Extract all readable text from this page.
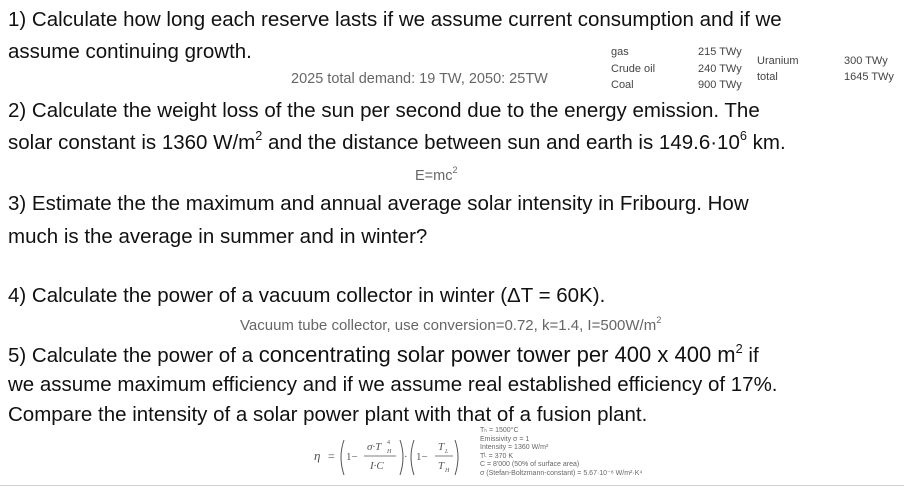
1) Calculate how long each reserve lasts if we assume current consumption and if we
assume continuing growth.
2025 total demand: 19 TW, 2050: 25TW
gas
Crude oil
Coal
215 TWy
240 TWy
900 TWy
Uranium
total
300 TWy
1645 TWy
2) Calculate the weight loss of the sun per second due to the energy emission. The
solar constant is 1360 $W/m^2$ and the distance between sun and earth is $149.6\cdot 10^6$ km.
$E=mc^2$
3) Estimate the the maximum and annual average solar intensity in Fribourg. How
much is the average in summer and in winter?
4) Calculate the power of a vacuum collector in winter (ΔT = 60K).
Vacuum tube collector, use conversion=0.72, k=1.4, $I=500W/m^2$
5) Calculate the power of a concentrating solar power tower per 400 x 400 $m^2$ if
we assume maximum efficiency and if we assume real established efficiency of 17%.
Compare the intensity of a solar power plant with that of a fusion plant.
η = 1−
σ·T H
4
I·C
· 1−
T L
T H
Tₕ = 1500°C
Emissivity σ = 1
Intensity = 1360 W/m²
Tᴸ = 370 K
C = 8'000 (50% of surface area)
σ (Stefan-Boltzmann-constant) = 5.67·10⁻⁸ W/m²·K⁴
